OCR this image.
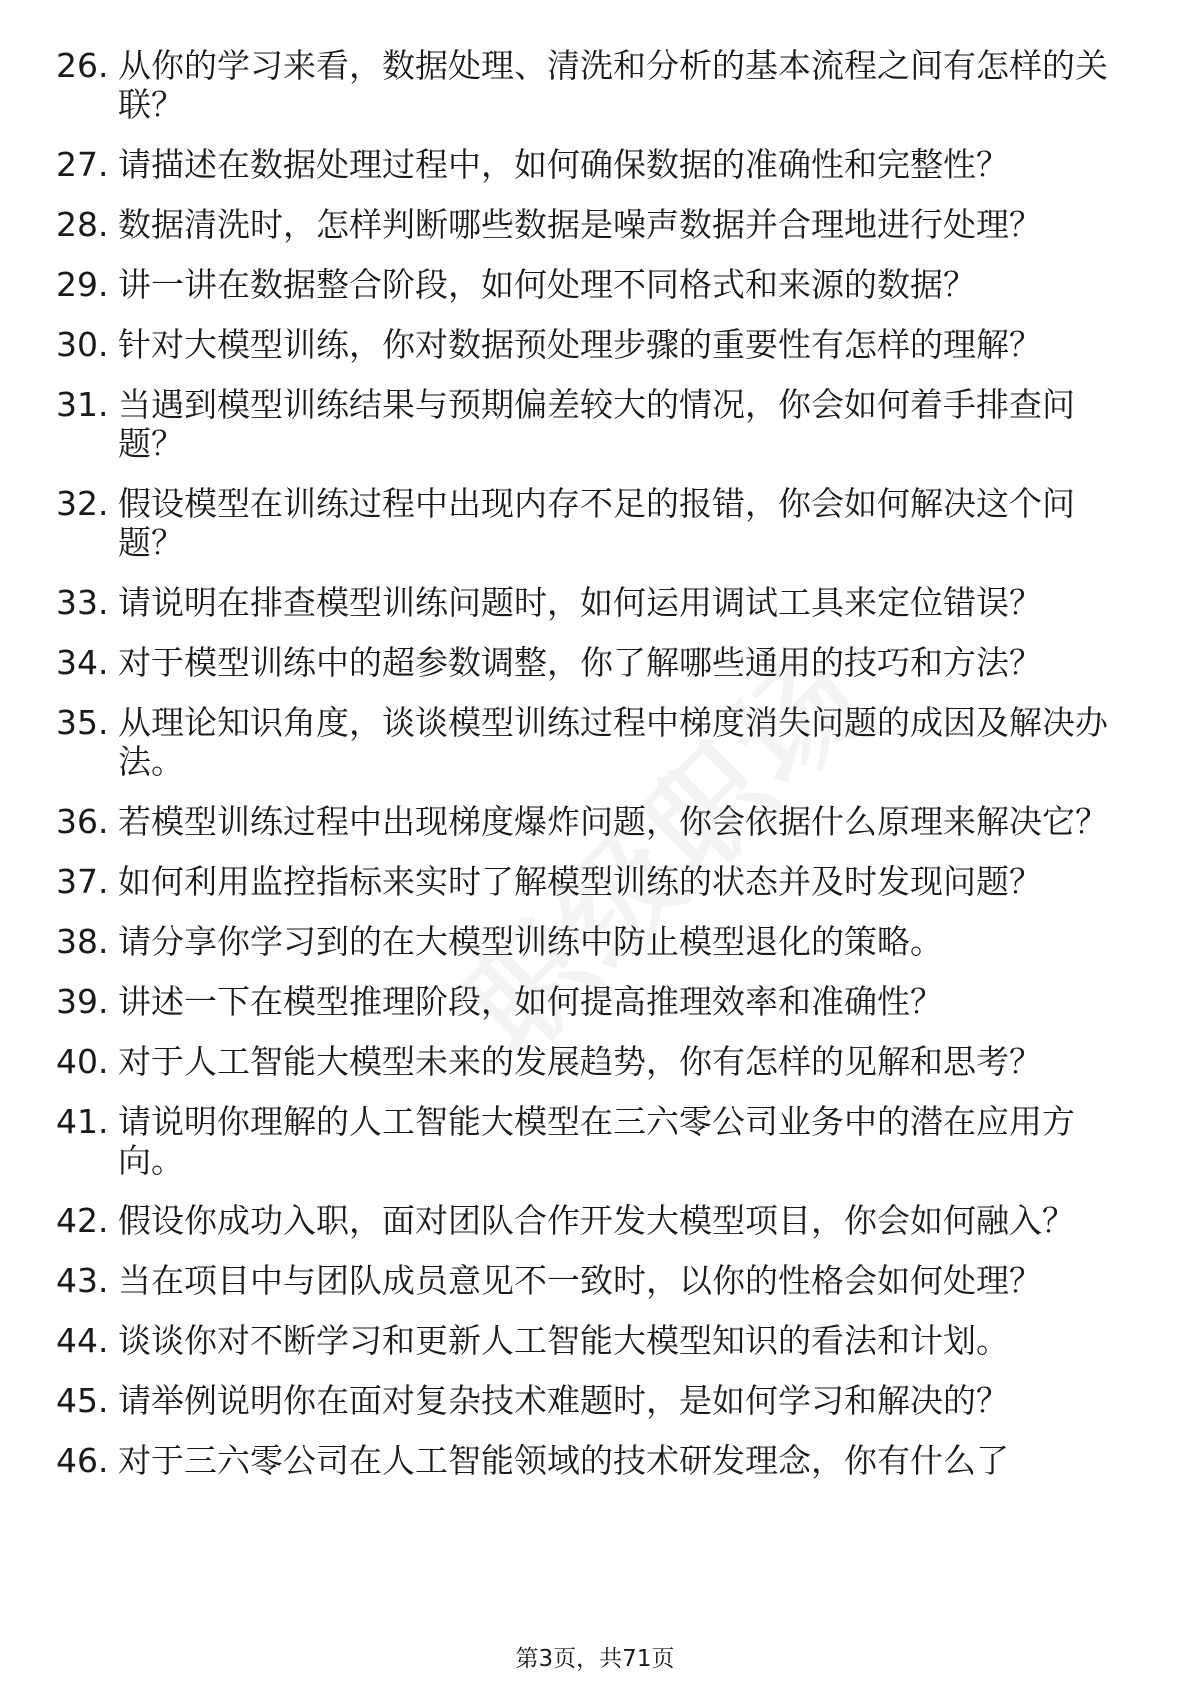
26. 从你的学习来看，数据处理、清洗和分析的基本流程之间有怎样的关联？
27. 请描述在数据处理过程中，如何确保数据的准确性和完整性？
28. 数据清洗时，怎样判断哪些数据是噪声数据并合理地进行处理？
29. 讲一讲在数据整合阶段，如何处理不同格式和来源的数据？
30. 针对大模型训练，你对数据预处理步骤的重要性有怎样的理解？
31. 当遇到模型训练结果与预期偏差较大的情况，你会如何着手排查问题？
32. 假设模型在训练过程中出现内存不足的报错，你会如何解决这个问题？
33. 请说明在排查模型训练问题时，如何运用调试工具来定位错误？
34. 对于模型训练中的超参数调整，你了解哪些通用的技巧和方法？
35. 从理论知识角度，谈谈模型训练过程中梯度消失问题的成因及解决办法。
36. 若模型训练过程中出现梯度爆炸问题，你会依据什么原理来解决它？
37. 如何利用监控指标来实时了解模型训练的状态并及时发现问题？
38. 请分享你学习到的在大模型训练中防止模型退化的策略。
39. 讲述一下在模型推理阶段，如何提高推理效率和准确性？
40. 对于人工智能大模型未来的发展趋势，你有怎样的见解和思考？
41. 请说明你理解的人工智能大模型在三六零公司业务中的潜在应用方向。
42. 假设你成功入职，面对团队合作开发大模型项目，你会如何融入？
43. 当在项目中与团队成员意见不一致时，以你的性格会如何处理？
44. 谈谈你对不断学习和更新人工智能大模型知识的看法和计划。
45. 请举例说明你在面对复杂技术难题时，是如何学习和解决的？
46. 对于三六零公司在人工智能领域的技术研发理念，你有什么了
第3页，共71页
